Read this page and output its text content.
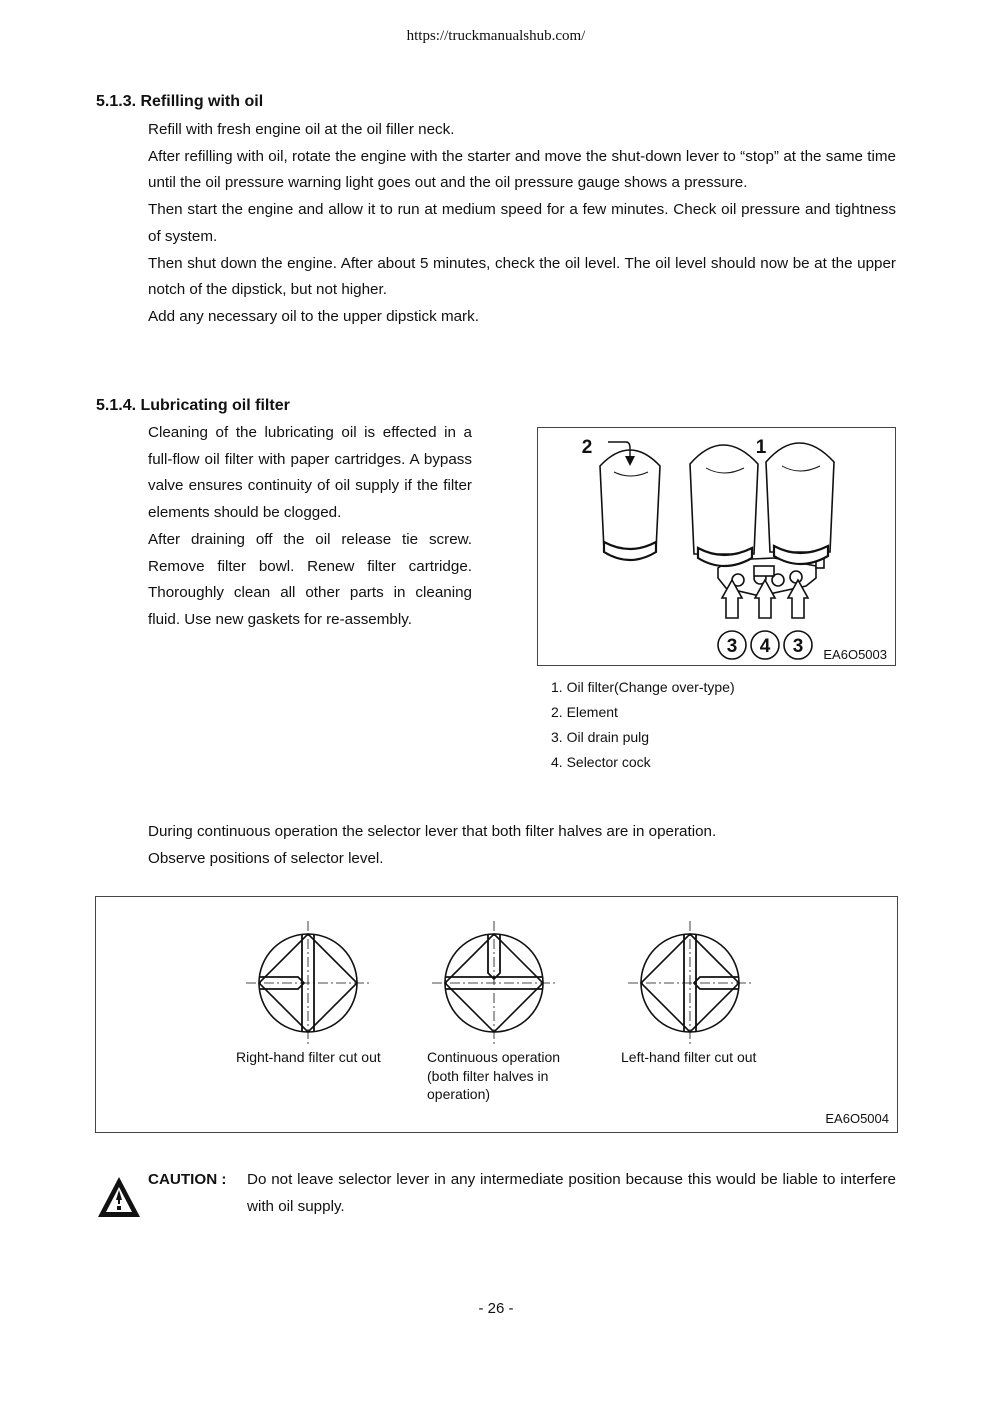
https://truckmanualshub.com/
5.1.3. Refilling with oil

Refill with fresh engine oil at the oil filler neck.

After refilling with oil, rotate the engine with the starter and move the shut-down lever to “stop” at the same time until the oil pressure warning light goes out and the oil pressure gauge shows a pressure.

Then start the engine and allow it to run at medium speed for a few minutes. Check oil pressure and tightness of system.

Then shut down the engine. After about 5 minutes, check the oil level. The oil level should now be at the upper notch of the dipstick, but not higher.

Add any necessary oil to the upper dipstick mark.

5.1.4. Lubricating oil filter

Cleaning of the lubricating oil is effected in a full-flow oil filter with paper cartridges. A bypass valve ensures continuity of oil supply if the filter elements should be clogged.

After draining off the oil release tie screw. Remove filter bowl. Renew filter cartridge. Thoroughly clean all other parts in cleaning fluid. Use new gaskets for re-assembly.

2	1
3 4 3 EA6O5003
1. Oil filter(Change over-type)
2. Element
3. Oil drain pulg
4. Selector cock

During continuous operation the selector lever that both filter halves are in operation.

Observe positions of selector level.

Right-hand filter cut out	Continuous operation
(both filter halves in
operation)
Left-hand filter cut out
EA6O5004
CAUTION : Do not leave selector lever in any intermediate position because this would be liable to interfere with oil supply.
- 26 -
